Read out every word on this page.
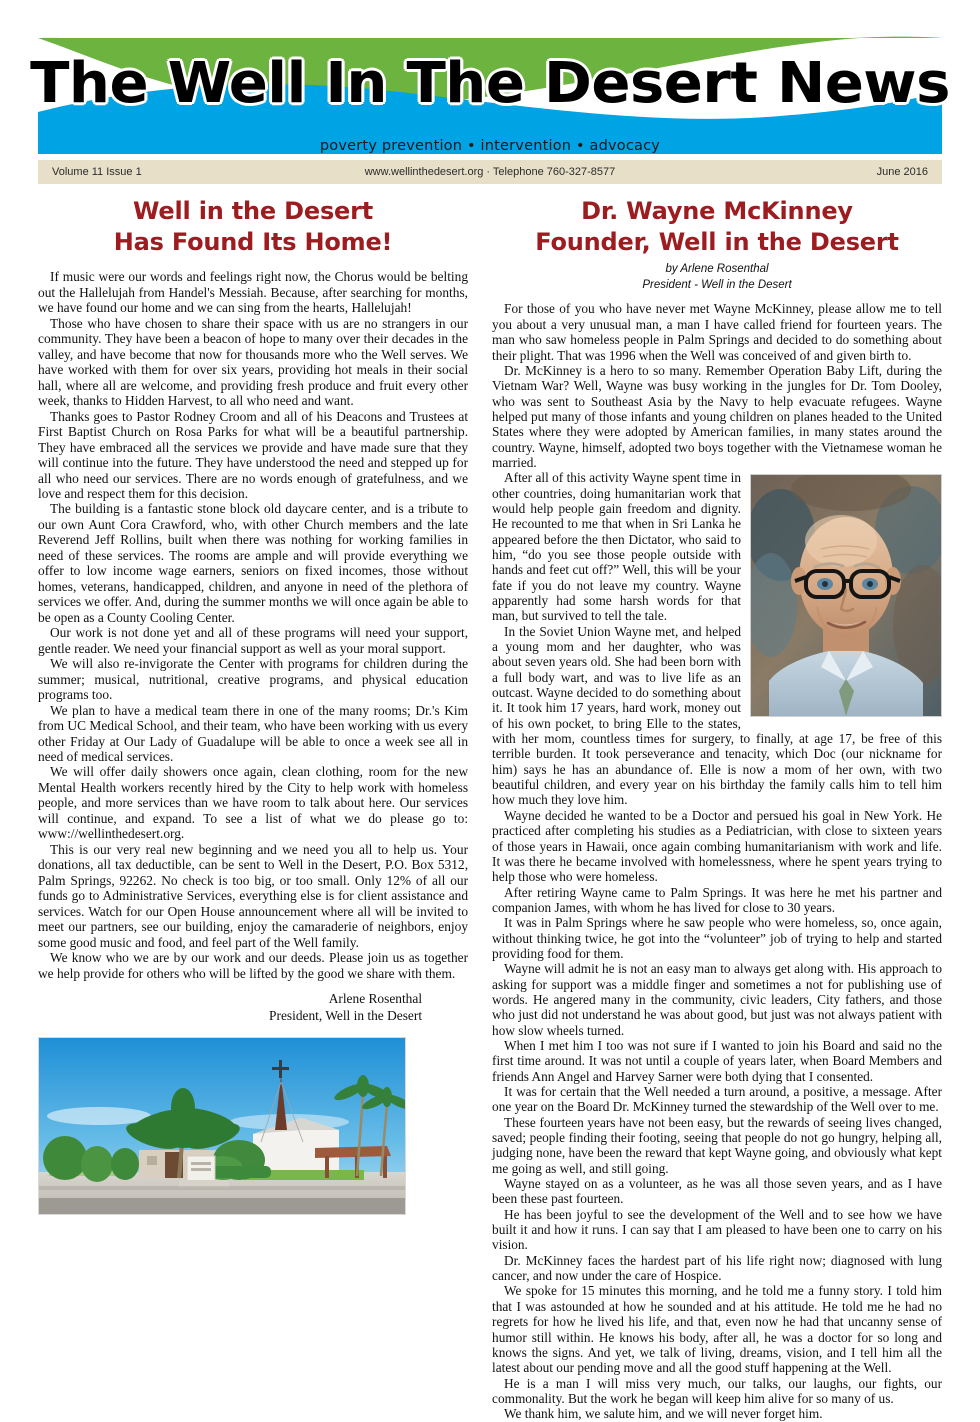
The Well In The Desert News
poverty prevention • intervention • advocacy
Volume 11 Issue 1	www.wellinthedesert.org · Telephone 760-327-8577	June 2016
Well in the Desert
Has Found Its Home!

If music were our words and feelings right now, the Chorus would be belting out the Hallelujah from Handel's Messiah. Because, after searching for months, we have found our home and we can sing from the hearts, Hallelujah!

Those who have chosen to share their space with us are no strangers in our community. They have been a beacon of hope to many over their decades in the valley, and have become that now for thousands more who the Well serves. We have worked with them for over six years, providing hot meals in their social hall, where all are welcome, and providing fresh produce and fruit every other week, thanks to Hidden Harvest, to all who need and want.

Thanks goes to Pastor Rodney Croom and all of his Deacons and Trustees at First Baptist Church on Rosa Parks for what will be a beautiful partnership. They have embraced all the services we provide and have made sure that they will continue into the future. They have understood the need and stepped up for all who need our services. There are no words enough of gratefulness, and we love and respect them for this decision.

The building is a fantastic stone block old daycare center, and is a tribute to our own Aunt Cora Crawford, who, with other Church members and the late Reverend Jeff Rollins, built when there was nothing for working families in need of these services. The rooms are ample and will provide everything we offer to low income wage earners, seniors on fixed incomes, those without homes, veterans, handicapped, children, and anyone in need of the plethora of services we offer. And, during the summer months we will once again be able to be open as a County Cooling Center.

Our work is not done yet and all of these programs will need your support, gentle reader. We need your financial support as well as your moral support.

We will also re-invigorate the Center with programs for children during the summer; musical, nutritional, creative programs, and physical education programs too.

We plan to have a medical team there in one of the many rooms; Dr.'s Kim from UC Medical School, and their team, who have been working with us every other Friday at Our Lady of Guadalupe will be able to once a week see all in need of medical services.

We will offer daily showers once again, clean clothing, room for the new Mental Health workers recently hired by the City to help work with homeless people, and more services than we have room to talk about here. Our services will continue, and expand. To see a list of what we do please go to: www://wellinthedesert.org.

This is our very real new beginning and we need you all to help us. Your donations, all tax deductible, can be sent to Well in the Desert, P.O. Box 5312, Palm Springs, 92262. No check is too big, or too small. Only 12% of all our funds go to Administrative Services, everything else is for client assistance and services. Watch for our Open House announcement where all will be invited to meet our partners, see our building, enjoy the camaraderie of neighbors, enjoy some good music and food, and feel part of the Well family.

We know who we are by our work and our deeds. Please join us as together we help provide for others who will be lifted by the good we share with them.

Arlene Rosenthal
President, Well in the Desert
Dr. Wayne McKinney
Founder, Well in the Desert
by Arlene Rosenthal
President - Well in the Desert

For those of you who have never met Wayne McKinney, please allow me to tell you about a very unusual man, a man I have called friend for fourteen years. The man who saw homeless people in Palm Springs and decided to do something about their plight. That was 1996 when the Well was conceived of and given birth to.

Dr. McKinney is a hero to so many. Remember Operation Baby Lift, during the Vietnam War? Well, Wayne was busy working in the jungles for Dr. Tom Dooley, who was sent to Southeast Asia by the Navy to help evacuate refugees. Wayne helped put many of those infants and young children on planes headed to the United States where they were adopted by American families, in many states around the country. Wayne, himself, adopted two boys together with the Vietnamese woman he married.

After all of this activity Wayne spent time in other countries, doing humanitarian work that would help people gain freedom and dignity. He recounted to me that when in Sri Lanka he appeared before the then Dictator, who said to him, “do you see those people outside with hands and feet cut off?” Well, this will be your fate if you do not leave my country. Wayne apparently had some harsh words for that man, but survived to tell the tale.

In the Soviet Union Wayne met, and helped a young mom and her daughter, who was about seven years old. She had been born with a full body wart, and was to live life as an outcast. Wayne decided to do something about it. It took him 17 years, hard work, money out of his own pocket, to bring Elle to the states, with her mom, countless times for surgery, to finally, at age 17, be free of this terrible burden. It took perseverance and tenacity, which Doc (our nickname for him) says he has an abundance of. Elle is now a mom of her own, with two beautiful children, and every year on his birthday the family calls him to tell him how much they love him.

Wayne decided he wanted to be a Doctor and persued his goal in New York. He practiced after completing his studies as a Pediatrician, with close to sixteen years of those years in Hawaii, once again combing humanitarianism with work and life. It was there he became involved with homelessness, where he spent years trying to help those who were homeless.

After retiring Wayne came to Palm Springs. It was here he met his partner and companion James, with whom he has lived for close to 30 years.

It was in Palm Springs where he saw people who were homeless, so, once again, without thinking twice, he got into the “volunteer” job of trying to help and started providing food for them.

Wayne will admit he is not an easy man to always get along with. His approach to asking for support was a middle finger and sometimes a not for publishing use of words. He angered many in the community, civic leaders, City fathers, and those who just did not understand he was about good, but just was not always patient with how slow wheels turned.

When I met him I too was not sure if I wanted to join his Board and said no the first time around. It was not until a couple of years later, when Board Members and friends Ann Angel and Harvey Sarner were both dying that I consented.

It was for certain that the Well needed a turn around, a positive, a message. After one year on the Board Dr. McKinney turned the stewardship of the Well over to me.

These fourteen years have not been easy, but the rewards of seeing lives changed, saved; people finding their footing, seeing that people do not go hungry, helping all, judging none, have been the reward that kept Wayne going, and obviously what kept me going as well, and still going.

Wayne stayed on as a volunteer, as he was all those seven years, and as I have been these past fourteen.

He has been joyful to see the development of the Well and to see how we have built it and how it runs. I can say that I am pleased to have been one to carry on his vision.

Dr. McKinney faces the hardest part of his life right now; diagnosed with lung cancer, and now under the care of Hospice.

We spoke for 15 minutes this morning, and he told me a funny story. I told him that I was astounded at how he sounded and at his attitude. He told me he had no regrets for how he lived his life, and that, even now he had that uncanny sense of humor still within. He knows his body, after all, he was a doctor for so long and knows the signs. And yet, we talk of living, dreams, vision, and I tell him all the latest about our pending move and all the good stuff happening at the Well.

He is a man I will miss very much, our talks, our laughs, our fights, our commonality. But the work he began will keep him alive for so many of us.

We thank him, we salute him, and we will never forget him.
